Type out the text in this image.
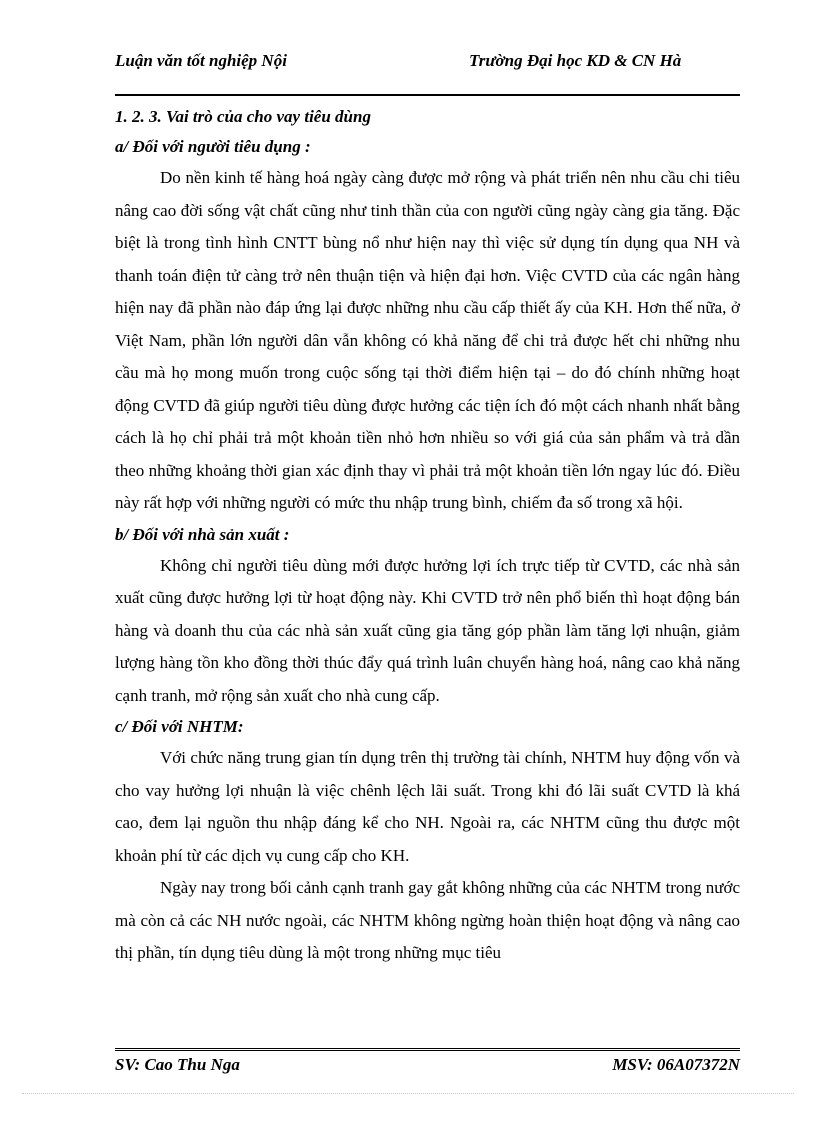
Luận văn tốt nghiệp Nội	Trường Đại học KD & CN Hà
1. 2. 3. Vai trò của cho vay tiêu dùng
a/ Đối với người tiêu dụng :

Do nền kinh tế hàng hoá ngày càng được mở rộng và phát triển nên nhu cầu chi tiêu nâng cao đời sống vật chất cũng như tinh thần của con người cũng ngày càng gia tăng. Đặc biệt là trong tình hình CNTT bùng nổ như hiện nay thì việc sử dụng tín dụng qua NH và thanh toán điện tử càng trở nên thuận tiện và hiện đại hơn. Việc CVTD của các ngân hàng hiện nay đã phần nào đáp ứng lại được những nhu cầu cấp thiết ấy của KH. Hơn thế nữa, ở Việt Nam, phần lớn người dân vẫn không có khả năng để chi trả được hết chi những nhu cầu mà họ mong muốn trong cuộc sống tại thời điểm hiện tại – do đó chính những hoạt động CVTD đã giúp người tiêu dùng được hưởng các tiện ích đó một cách nhanh nhất bằng cách là họ chỉ phải trả một khoản tiền nhỏ hơn nhiều so với giá của sản phẩm và trả dần theo những khoảng thời gian xác định thay vì phải trả một khoản tiền lớn ngay lúc đó. Điều này rất hợp với những người có mức thu nhập trung bình, chiếm đa số trong xã hội.

b/ Đối với nhà sản xuất :

Không chỉ người tiêu dùng mới được hưởng lợi ích trực tiếp từ CVTD, các nhà sản xuất cũng được hưởng lợi từ hoạt động này. Khi CVTD trở nên phổ biến thì hoạt động bán hàng và doanh thu của các nhà sản xuất cũng gia tăng góp phần làm tăng lợi nhuận, giảm lượng hàng tồn kho đồng thời thúc đẩy quá trình luân chuyển hàng hoá, nâng cao khả năng cạnh tranh, mở rộng sản xuất cho nhà cung cấp.

c/ Đối với NHTM:

Với chức năng trung gian tín dụng trên thị trường tài chính, NHTM huy động vốn và cho vay hưởng lợi nhuận là việc chênh lệch lãi suất. Trong khi đó lãi suất CVTD là khá cao, đem lại nguồn thu nhập đáng kể cho NH. Ngoài ra, các NHTM cũng thu được một khoản phí từ các dịch vụ cung cấp cho KH.

Ngày nay trong bối cảnh cạnh tranh gay gắt không những của các NHTM trong nước mà còn cả các NH nước ngoài, các NHTM không ngừng hoàn thiện hoạt động và nâng cao thị phần, tín dụng tiêu dùng là một trong những mục tiêu

SV: Cao Thu Nga	MSV: 06A07372N
